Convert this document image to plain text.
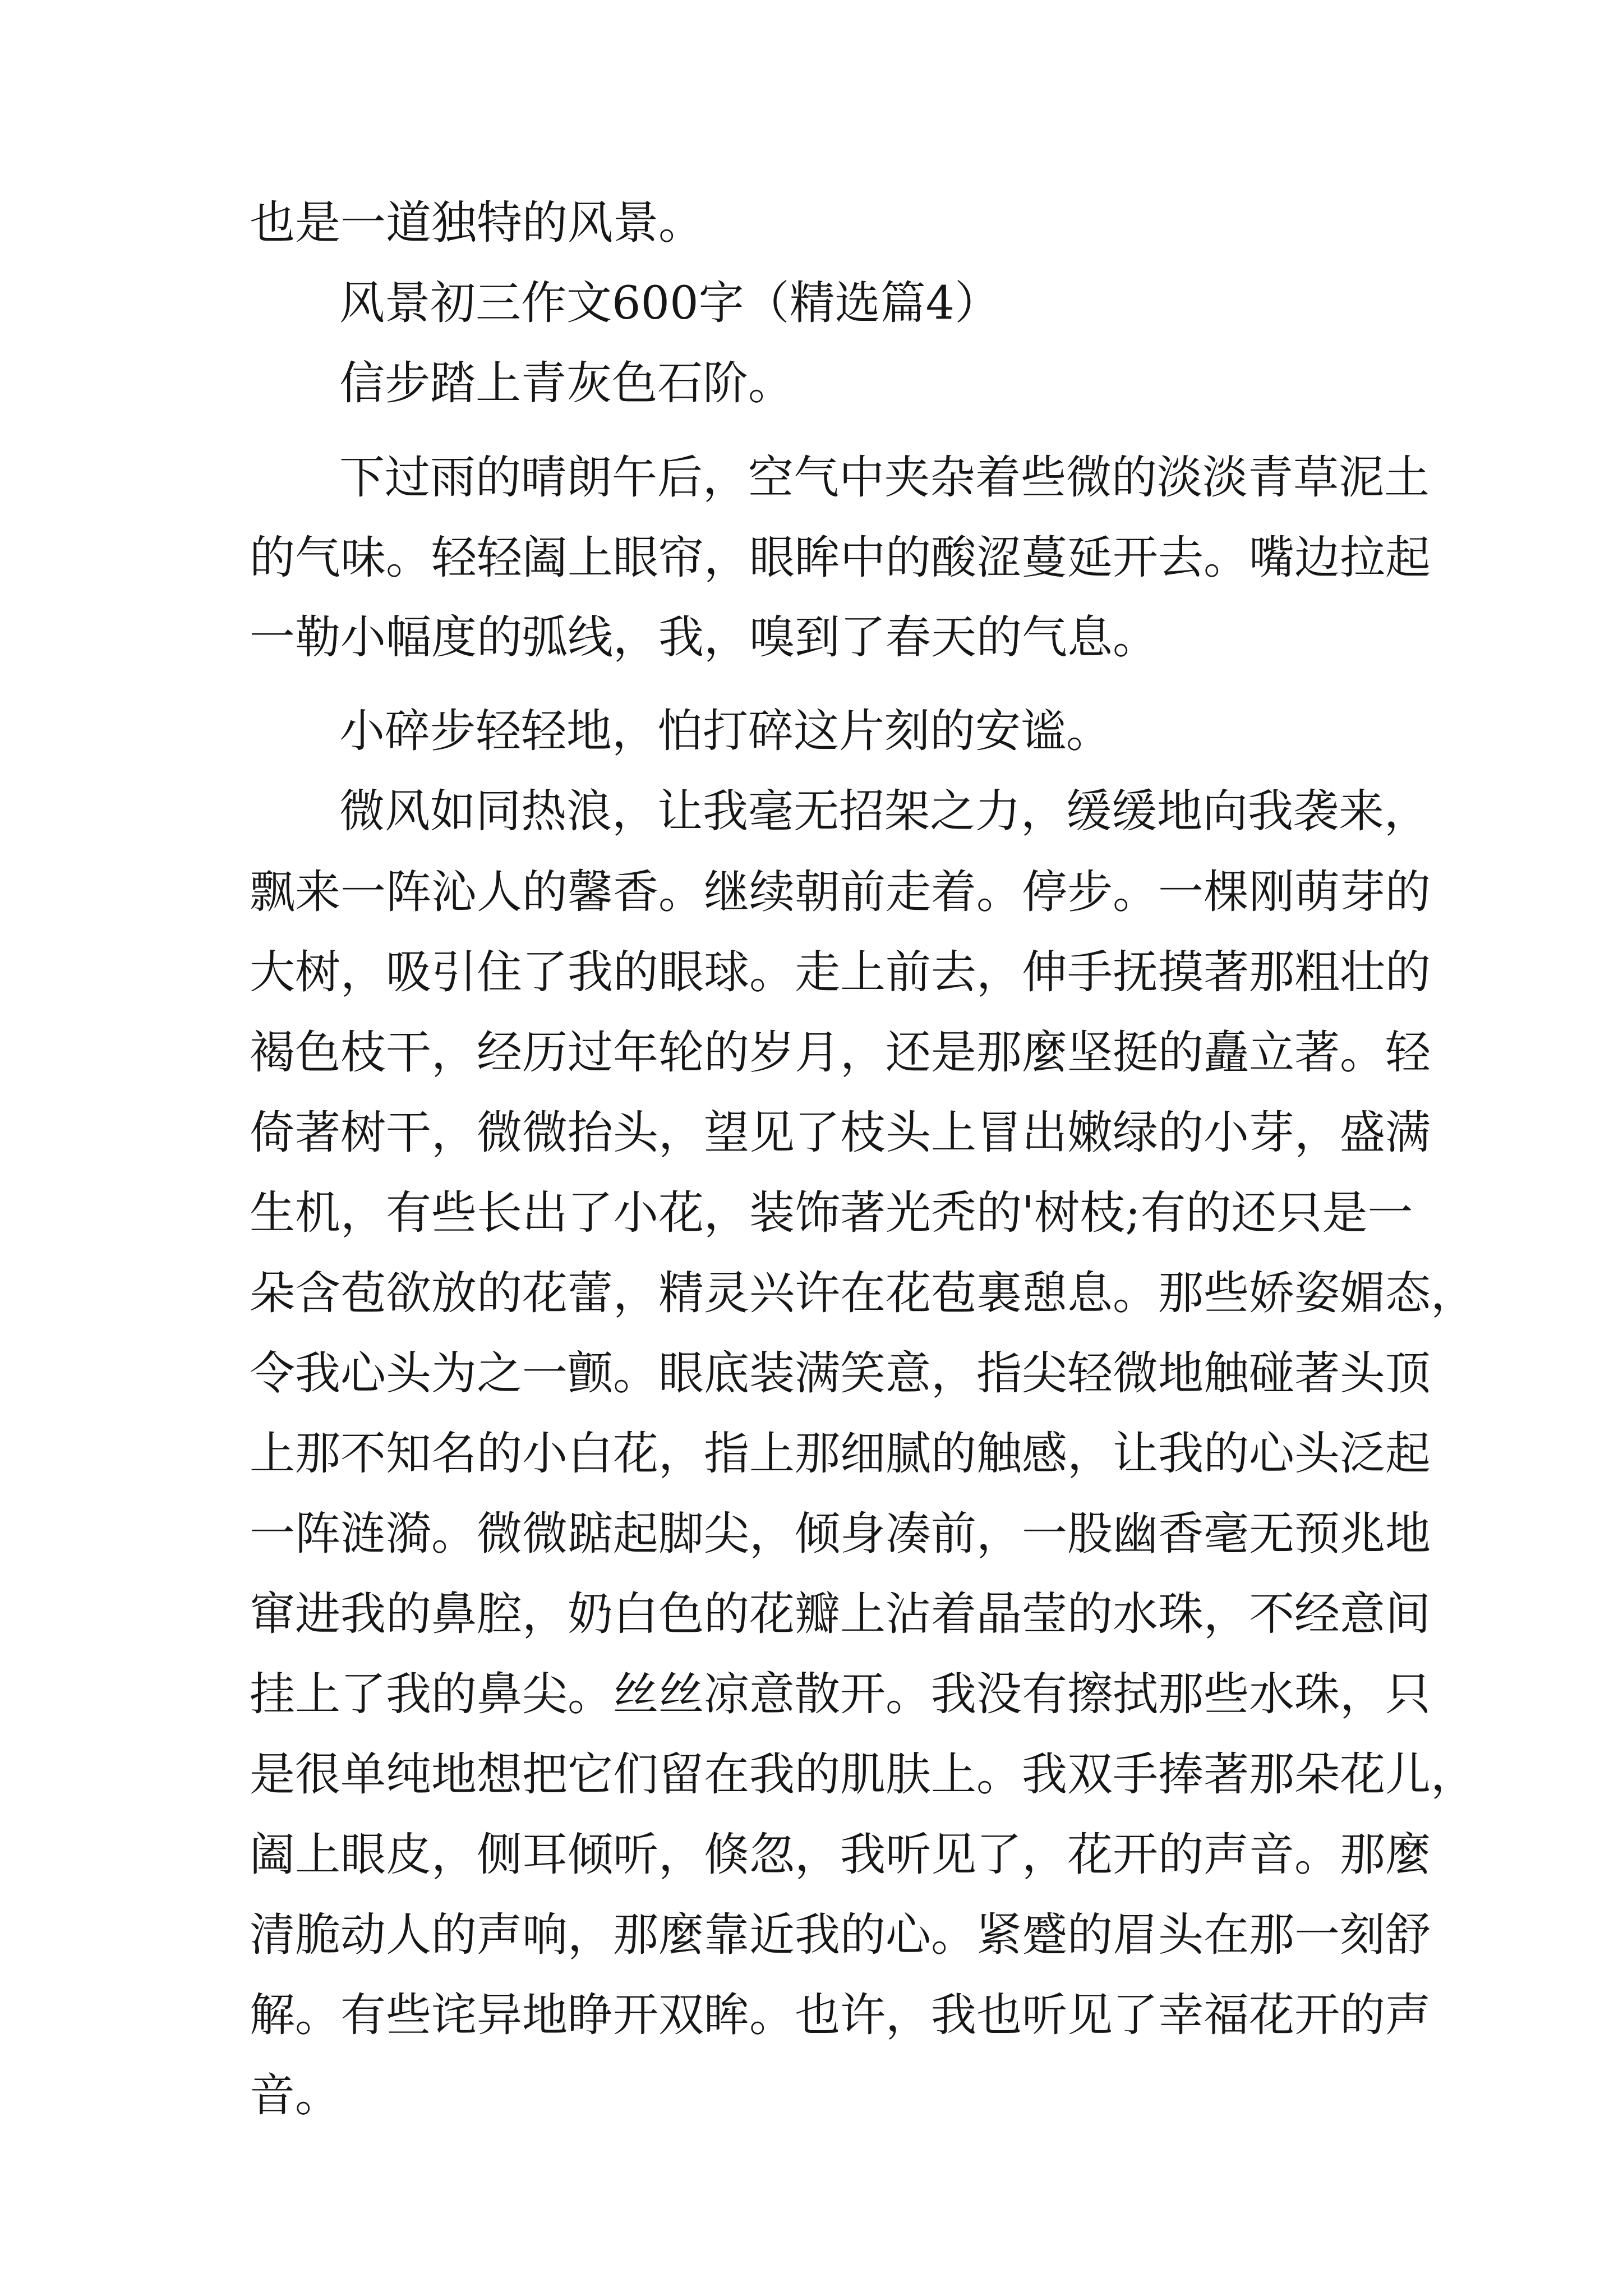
也是一道独特的风景。
风景初三作文600字（精选篇4）
信步踏上青灰色石阶。
下过雨的晴朗午后，空气中夹杂着些微的淡淡青草泥土
的气味。轻轻阖上眼帘，眼眸中的酸涩蔓延开去。嘴边拉起
一勒小幅度的弧线，我，嗅到了春天的气息。
小碎步轻轻地，怕打碎这片刻的安谧。
微风如同热浪，让我毫无招架之力，缓缓地向我袭来，
飘来一阵沁人的馨香。继续朝前走着。停步。一棵刚萌芽的
大树，吸引住了我的眼球。走上前去，伸手抚摸著那粗壮的
褐色枝干，经历过年轮的岁月，还是那麼坚挺的矗立著。轻
倚著树干，微微抬头，望见了枝头上冒出嫩绿的小芽，盛满
生机，有些长出了小花，装饰著光秃的'树枝;有的还只是一
朵含苞欲放的花蕾，精灵兴许在花苞裏憩息。那些娇姿媚态，
令我心头为之一颤。眼底装满笑意，指尖轻微地触碰著头顶
上那不知名的小白花，指上那细腻的触感，让我的心头泛起
一阵涟漪。微微踮起脚尖，倾身凑前，一股幽香毫无预兆地
窜进我的鼻腔，奶白色的花瓣上沾着晶莹的水珠，不经意间
挂上了我的鼻尖。丝丝凉意散开。我没有擦拭那些水珠，只
是很单纯地想把它们留在我的肌肤上。我双手捧著那朵花儿，
阖上眼皮，侧耳倾听，倏忽，我听见了，花开的声音。那麼
清脆动人的声响，那麼靠近我的心。紧蹙的眉头在那一刻舒
解。有些诧异地睁开双眸。也许，我也听见了幸福花开的声
音。
